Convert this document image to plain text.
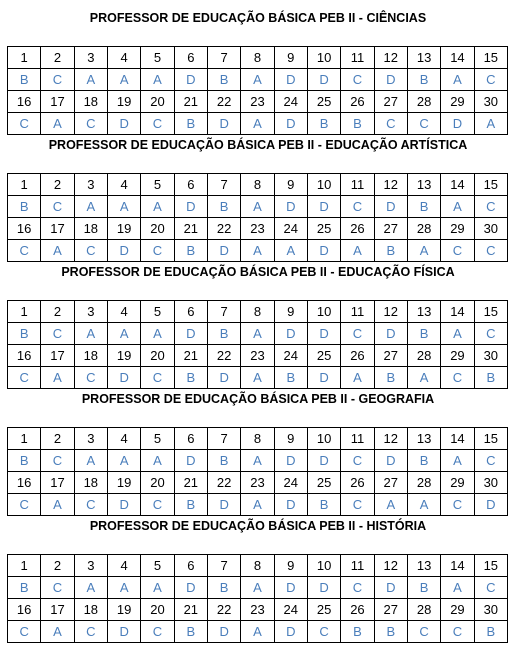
PROFESSOR DE EDUCAÇÃO BÁSICA PEB II - CIÊNCIAS
1	2	3	4	5	6	7	8	9	10	11	12	13	14	15
B	C	A	A	A	D	B	A	D	D	C	D	B	A	C
16	17	18	19	20	21	22	23	24	25	26	27	28	29	30
C	A	C	D	C	B	D	A	D	B	B	C	C	D	A
PROFESSOR DE EDUCAÇÃO BÁSICA PEB II - EDUCAÇÃO ARTÍSTICA
1	2	3	4	5	6	7	8	9	10	11	12	13	14	15
B	C	A	A	A	D	B	A	D	D	C	D	B	A	C
16	17	18	19	20	21	22	23	24	25	26	27	28	29	30
C	A	C	D	C	B	D	A	A	D	A	B	A	C	C
PROFESSOR DE EDUCAÇÃO BÁSICA PEB II - EDUCAÇÃO FÍSICA
1	2	3	4	5	6	7	8	9	10	11	12	13	14	15
B	C	A	A	A	D	B	A	D	D	C	D	B	A	C
16	17	18	19	20	21	22	23	24	25	26	27	28	29	30
C	A	C	D	C	B	D	A	B	D	A	B	A	C	B
PROFESSOR DE EDUCAÇÃO BÁSICA PEB II - GEOGRAFIA
1	2	3	4	5	6	7	8	9	10	11	12	13	14	15
B	C	A	A	A	D	B	A	D	D	C	D	B	A	C
16	17	18	19	20	21	22	23	24	25	26	27	28	29	30
C	A	C	D	C	B	D	A	D	B	C	A	A	C	D
PROFESSOR DE EDUCAÇÃO BÁSICA PEB II - HISTÓRIA
1	2	3	4	5	6	7	8	9	10	11	12	13	14	15
B	C	A	A	A	D	B	A	D	D	C	D	B	A	C
16	17	18	19	20	21	22	23	24	25	26	27	28	29	30
C	A	C	D	C	B	D	A	D	C	B	B	C	C	B
